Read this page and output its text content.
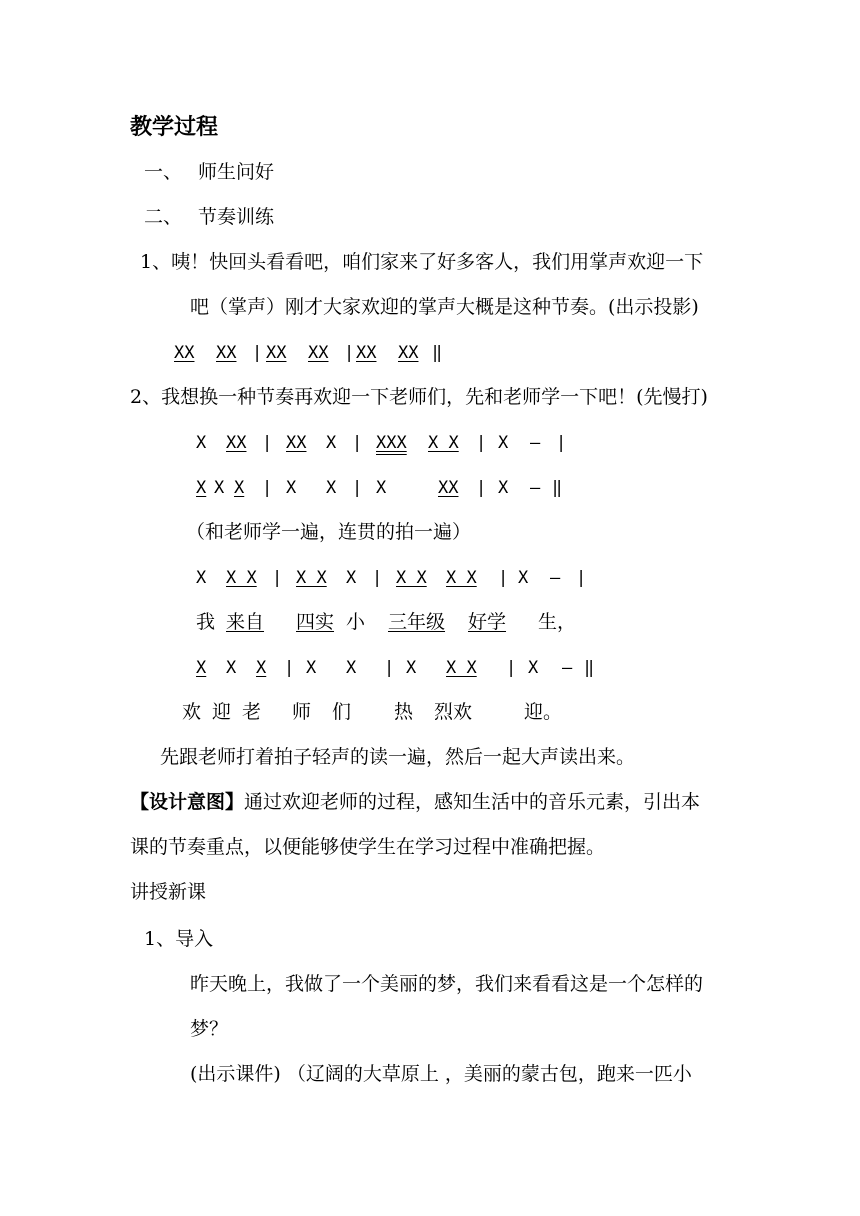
教学过程
一、 师生问好
二、 节奏训练
1、咦！快回头看看吧，咱们家来了好多客人，我们用掌声欢迎一下
吧（掌声）刚才大家欢迎的掌声大概是这种节奏。(出示投影)
XX XX | XX XX | XX XX ‖
2、我想换一种节奏再欢迎一下老师们，先和老师学一下吧！(先慢打)
X XX | XX X | XXX X X | X — |
X X X | X X | X	XX | X — ‖
（和老师学一遍，连贯的拍一遍）
X X X | X X X | X X X X | X — |
我 来自 四实 小 三年级 好学 生，
X X X | X X | X X X | X — ‖
欢 迎 老 师 们 热 烈欢	迎。
先跟老师打着拍子轻声的读一遍，然后一起大声读出来。
【设计意图】通过欢迎老师的过程，感知生活中的音乐元素，引出本
课的节奏重点，以便能够使学生在学习过程中准确把握。
讲授新课
1、导入
昨天晚上，我做了一个美丽的梦，我们来看看这是一个怎样的
梦？
(出示课件) （辽阔的大草原上 ，美丽的蒙古包，跑来一匹小
